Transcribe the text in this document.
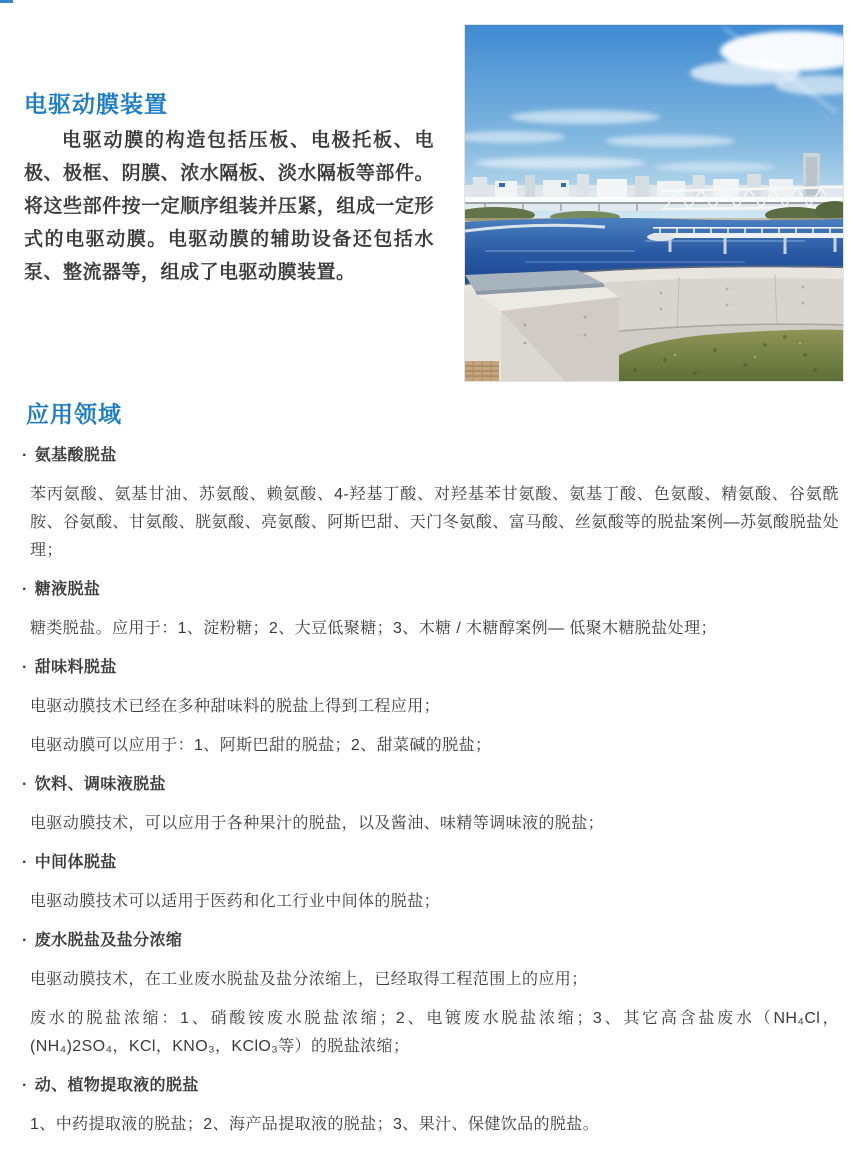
电驱动膜装置

电驱动膜的构造包括压板、电极托板、电极、极框、阴膜、浓水隔板、淡水隔板等部件。将这些部件按一定顺序组装并压紧，组成一定形式的电驱动膜。电驱动膜的辅助设备还包括水泵、整流器等，组成了电驱动膜装置。

应用领域
· 氨基酸脱盐

苯丙氨酸、氨基甘油、苏氨酸、赖氨酸、4-羟基丁酸、对羟基苯甘氨酸、氨基丁酸、色氨酸、精氨酸、谷氨酰胺、谷氨酸、甘氨酸、胱氨酸、亮氨酸、阿斯巴甜、天门冬氨酸、富马酸、丝氨酸等的脱盐案例—苏氨酸脱盐处理；

· 糖液脱盐

糖类脱盐。应用于：1、淀粉糖；2、大豆低聚糖；3、木糖 / 木糖醇案例— 低聚木糖脱盐处理；

· 甜味料脱盐

电驱动膜技术已经在多种甜味料的脱盐上得到工程应用；

电驱动膜可以应用于：1、阿斯巴甜的脱盐；2、甜菜碱的脱盐；

· 饮料、调味液脱盐

电驱动膜技术，可以应用于各种果汁的脱盐，以及酱油、味精等调味液的脱盐；

· 中间体脱盐

电驱动膜技术可以适用于医药和化工行业中间体的脱盐；

· 废水脱盐及盐分浓缩

电驱动膜技术，在工业废水脱盐及盐分浓缩上，已经取得工程范围上的应用；

废水的脱盐浓缩：1、硝酸铵废水脱盐浓缩；2、电镀废水脱盐浓缩；3、其它高含盐废水（NH₄Cl，(NH₄)2SO₄，KCl，KNO₃，KClO₃等）的脱盐浓缩；

· 动、植物提取液的脱盐

1、中药提取液的脱盐；2、海产品提取液的脱盐；3、果汁、保健饮品的脱盐。
